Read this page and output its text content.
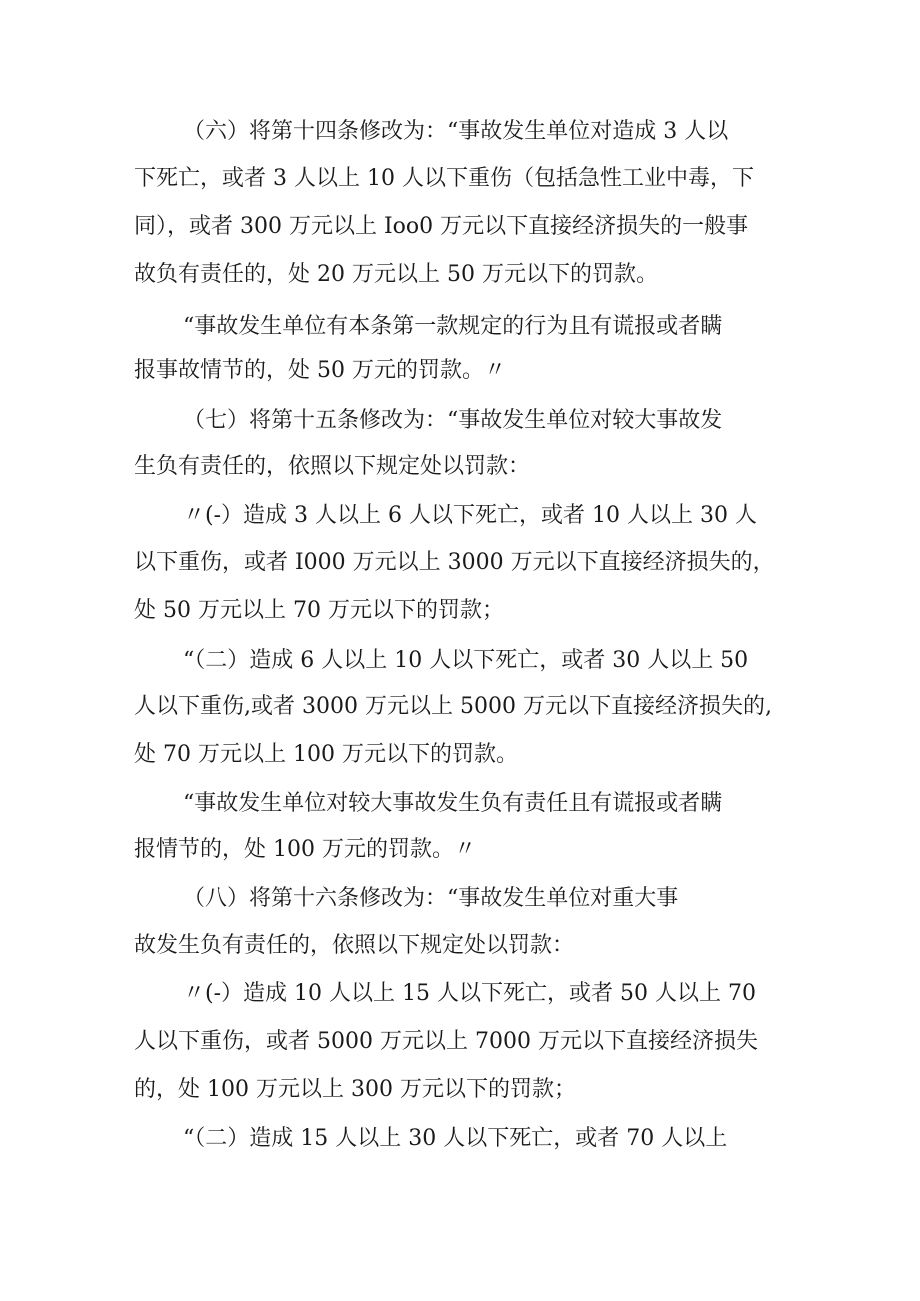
（六）将第十四条修改为：“事故发生单位对造成 3 人以
下死亡，或者 3 人以上 10 人以下重伤（包括急性工业中毒，下
同），或者 300 万元以上 Ioo0 万元以下直接经济损失的一般事
故负有责任的，处 20 万元以上 50 万元以下的罚款。
“事故发生单位有本条第一款规定的行为且有谎报或者瞒
报事故情节的，处 50 万元的罚款。〃
（七）将第十五条修改为：“事故发生单位对较大事故发
生负有责任的，依照以下规定处以罚款：
〃(-）造成 3 人以上 6 人以下死亡，或者 10 人以上 30 人
以下重伤，或者 I000 万元以上 3000 万元以下直接经济损失的，
处 50 万元以上 70 万元以下的罚款；
“（二）造成 6 人以上 10 人以下死亡，或者 30 人以上 50
人以下重伤,或者 3000 万元以上 5000 万元以下直接经济损失的,
处 70 万元以上 100 万元以下的罚款。
“事故发生单位对较大事故发生负有责任且有谎报或者瞒
报情节的，处 100 万元的罚款。〃
（八）将第十六条修改为：“事故发生单位对重大事
故发生负有责任的，依照以下规定处以罚款：
〃(-）造成 10 人以上 15 人以下死亡，或者 50 人以上 70
人以下重伤，或者 5000 万元以上 7000 万元以下直接经济损失
的，处 100 万元以上 300 万元以下的罚款；
“（二）造成 15 人以上 30 人以下死亡，或者 70 人以上
